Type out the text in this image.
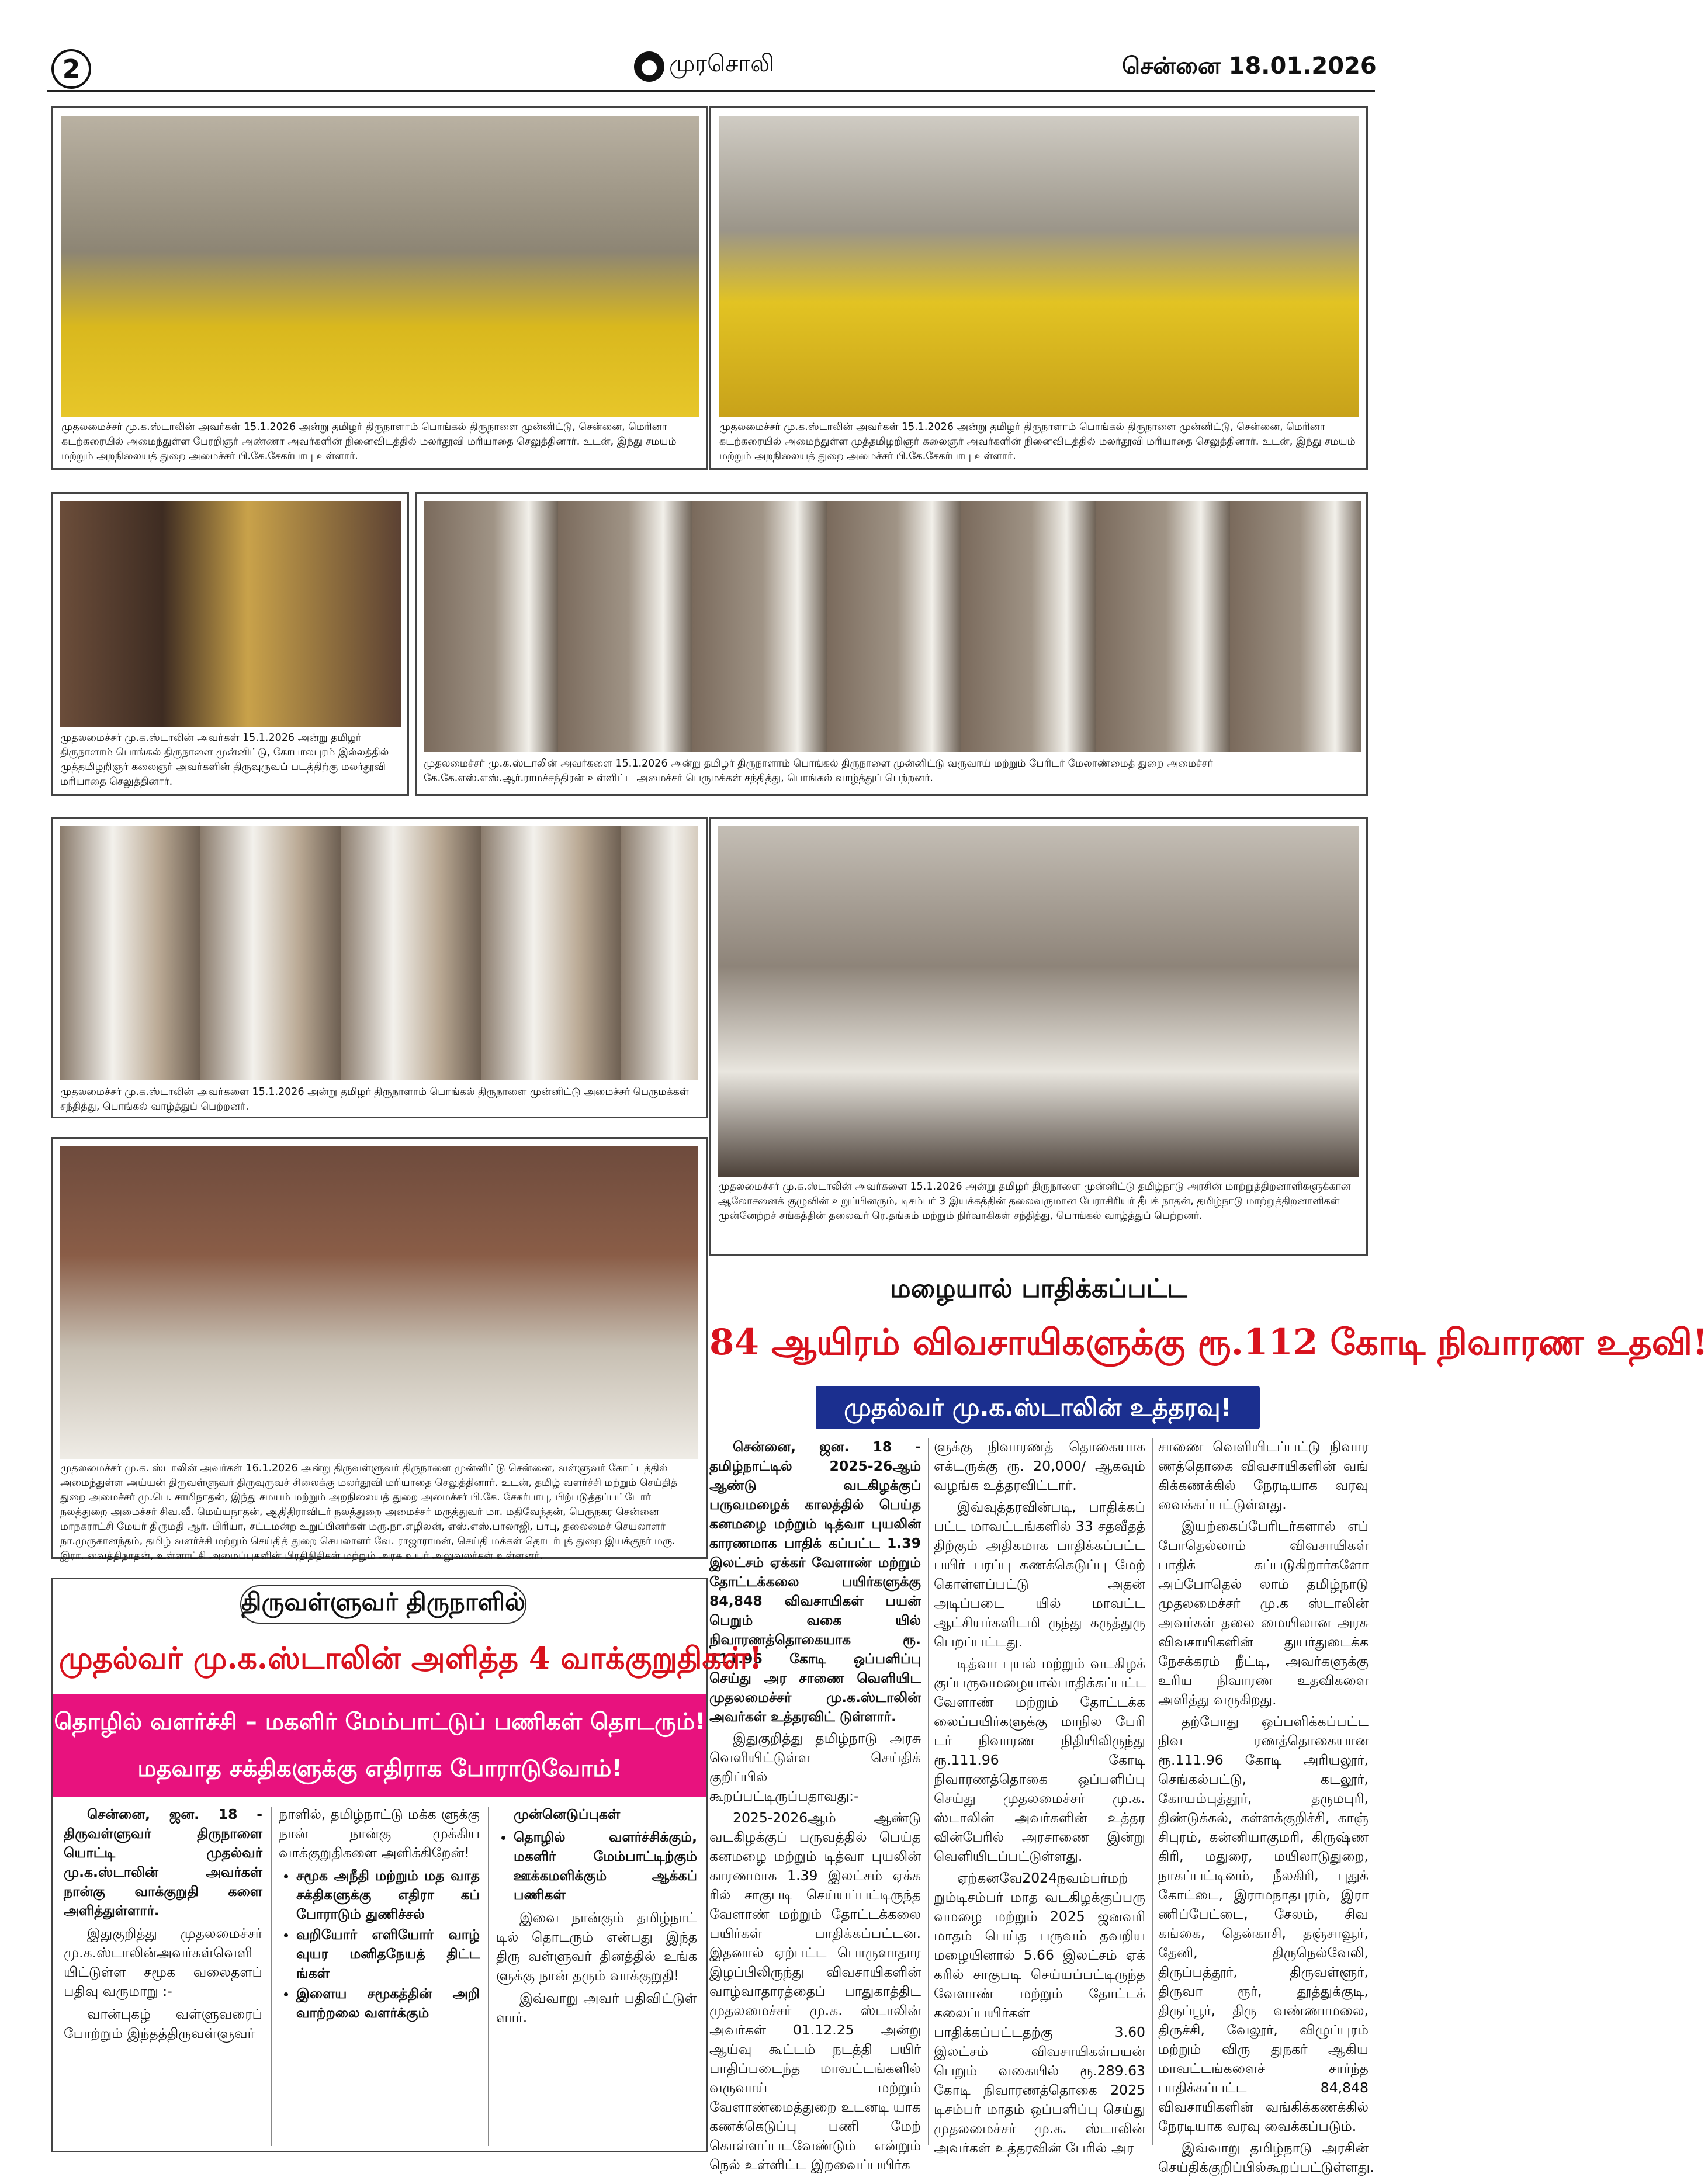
2	● முரசொலி	சென்னை 18.01.2026
முதலமைச்சர் மு.க.ஸ்டாலின் அவர்கள் 15.1.2026 அன்று தமிழர் திருநாளாம் பொங்கல் திருநாளை முன்னிட்டு, சென்னை, மெரினா கடற்கரையில் அமைந்துள்ள பேரறிஞர் அண்ணா அவர்களின் நினைவிடத்தில் மலர்தூவி மரியாதை செலுத்தினார். உடன், இந்து சமயம் மற்றும் அறநிலையத் துறை அமைச்சர் பி.கே.சேகர்பாபு உள்ளார்.
முதலமைச்சர் மு.க.ஸ்டாலின் அவர்கள் 15.1.2026 அன்று தமிழர் திருநாளாம் பொங்கல் திருநாளை முன்னிட்டு, சென்னை, மெரினா கடற்கரையில் அமைந்துள்ள முத்தமிழறிஞர் கலைஞர் அவர்களின் நினைவிடத்தில் மலர்தூவி மரியாதை செலுத்தினார். உடன், இந்து சமயம் மற்றும் அறநிலையத் துறை அமைச்சர் பி.கே.சேகர்பாபு உள்ளார்.
முதலமைச்சர் மு.க.ஸ்டாலின் அவர்கள் 15.1.2026 அன்று தமிழர் திருநாளாம் பொங்கல் திருநாளை முன்னிட்டு, கோபாலபுரம் இல்லத்தில் முத்தமிழறிஞர் கலைஞர் அவர்களின் திருவுருவப் படத்திற்கு மலர்தூவி மரியாதை செலுத்தினார்.
முதலமைச்சர் மு.க.ஸ்டாலின் அவர்களை 15.1.2026 அன்று தமிழர் திருநாளாம் பொங்கல் திருநாளை முன்னிட்டு வருவாய் மற்றும் பேரிடர் மேலாண்மைத் துறை அமைச்சர் கே.கே.எஸ்.எஸ்.ஆர்.ராமச்சந்திரன் உள்ளிட்ட அமைச்சர் பெருமக்கள் சந்தித்து, பொங்கல் வாழ்த்துப் பெற்றனர்.
முதலமைச்சர் மு.க.ஸ்டாலின் அவர்களை 15.1.2026 அன்று தமிழர் திருநாளாம் பொங்கல் திருநாளை முன்னிட்டு அமைச்சர் பெருமக்கள் சந்தித்து, பொங்கல் வாழ்த்துப் பெற்றனர்.
முதலமைச்சர் மு.க.ஸ்டாலின் அவர்களை 15.1.2026 அன்று தமிழர் திருநாளை முன்னிட்டு தமிழ்நாடு அரசின் மாற்றுத்திறனாளிகளுக்கான ஆலோசனைக் குழுவின் உறுப்பினரும், டிசம்பர் 3 இயக்கத்தின் தலைவருமான பேராசிரியர் தீபக் நாதன், தமிழ்நாடு மாற்றுத்திறனாளிகள் முன்னேற்றச் சங்கத்தின் தலைவர் ரெ.தங்கம் மற்றும் நிர்வாகிகள் சந்தித்து, பொங்கல் வாழ்த்துப் பெற்றனர்.
முதலமைச்சர் மு.க. ஸ்டாலின் அவர்கள் 16.1.2026 அன்று திருவள்ளுவர் திருநாளை முன்னிட்டு சென்னை, வள்ளுவர் கோட்டத்தில் அமைந்துள்ள அய்யன் திருவள்ளுவர் திருவுருவச் சிலைக்கு மலர்தூவி மரியாதை செலுத்தினார். உடன், தமிழ் வளர்ச்சி மற்றும் செய்தித் துறை அமைச்சர் மு.பெ. சாமிநாதன், இந்து சமயம் மற்றும் அறநிலையத் துறை அமைச்சர் பி.கே. சேகர்பாபு, பிற்படுத்தப்பட்டோர் நலத்துறை அமைச்சர் சிவ.வீ. மெய்யநாதன், ஆதிதிராவிடர் நலத்துறை அமைச்சர் மருத்துவர் மா. மதிவேந்தன், பெருநகர சென்னை மாநகராட்சி மேயர் திருமதி ஆர். பிரியா, சட்டமன்ற உறுப்பினர்கள் மரு.நா.எழிலன், எஸ்.எஸ்.பாலாஜி, பாபு, தலைமைச் செயலாளர் நா.முருகானந்தம், தமிழ் வளர்ச்சி மற்றும் செய்தித் துறை செயலாளர் வே. ராஜாராமன், செய்தி மக்கள் தொடர்புத் துறை இயக்குநர் மரு. இரா. வைத்திநாதன், உள்ளாட்சி அமைப்புகளின் பிரதிநிதிகள் மற்றும் அரசு உயர் அலுவலர்கள் உள்ளனர்.
மழையால் பாதிக்கப்பட்ட
84 ஆயிரம் விவசாயிகளுக்கு ரூ.112 கோடி நிவாரண உதவி!
முதல்வர் மு.க.ஸ்டாலின் உத்தரவு!

சென்னை, ஜன. 18 - தமிழ்நாட்டில் 2025-26ஆம் ஆண்டு வடகிழக்குப் பருவமழைக் காலத்தில் பெய்த கனமழை மற்றும் டித்வா புயலின் காரணமாக பாதிக் கப்பட்ட 1.39 இலட்சம் ஏக்கர் வேளாண் மற்றும் தோட்டக்கலை பயிர்களுக்கு 84,848 விவசாயிகள் பயன் பெறும் வகை யில் நிவாரணத்தொகையாக ரூ. 111.96 கோடி ஒப்பளிப்பு செய்து அர சாணை வெளியிட முதலமைச்சர் மு.க.ஸ்டாலின் அவர்கள் உத்தரவிட் டுள்ளார்.

இதுகுறித்து தமிழ்நாடு அரசு வெளியிட்டுள்ள செய்திக் குறிப்பில் கூறப்பட்டிருப்பதாவது:-

2025-2026ஆம் ஆண்டு வடகிழக்குப் பருவத்தில் பெய்த கனமழை மற்றும் டித்வா புயலின் காரணமாக 1.39 இலட்சம் ஏக்க ரில் சாகுபடி செய்யப்பட்டிருந்த வேளாண் மற்றும் தோட்டக்கலை பயிர்கள் பாதிக்கப்பட்டன. இதனால் ஏற்பட்ட பொருளாதார இழப்பிலிருந்து விவசாயிகளின் வாழ்வாதாரத்தைப் பாதுகாத்திட முதலமைச்சர் மு.க. ஸ்டாலின் அவர்கள் 01.12.25 அன்று ஆய்வு கூட்டம் நடத்தி பயிர் பாதிப்படைந்த மாவட்டங்களில் வருவாய் மற்றும் வேளாண்மைத்துறை உடனடி யாக கணக்கெடுப்பு பணி மேற் கொள்ளப்படவேண்டும் என்றும் நெல் உள்ளிட்ட இறவைப்பயிர்க

ளுக்கு நிவாரணத் தொகையாக எக்டருக்கு ரூ. 20,000/ ஆகவும் வழங்க உத்தரவிட்டார்.

இவ்வுத்தரவின்படி, பாதிக்கப் பட்ட மாவட்டங்களில் 33 சதவீதத் திற்கும் அதிகமாக பாதிக்கப்பட்ட பயிர் பரப்பு கணக்கெடுப்பு மேற் கொள்ளப்பட்டு அதன் அடிப்படை யில் மாவட்ட ஆட்சியர்களிடமி ருந்து கருத்துரு பெறப்பட்டது.

டித்வா புயல் மற்றும் வடகிழக் குப்பருவமழையால்பாதிக்கப்பட்ட வேளாண் மற்றும் தோட்டக்க லைப்பயிர்களுக்கு மாநில பேரி டர் நிவாரண நிதியிலிருந்து ரூ.111.96 கோடி நிவாரணத்தொகை ஒப்பளிப்பு செய்து முதலமைச்சர் மு.க. ஸ்டாலின் அவர்களின் உத்தர வின்பேரில் அரசாணை இன்று வெளியிடப்பட்டுள்ளது.

ஏற்கனவே2024நவம்பர்மற் றும்டிசம்பர் மாத வடகிழக்குப்பரு வமழை மற்றும் 2025 ஜனவரி மாதம் பெய்த பருவம் தவறிய மழையினால் 5.66 இலட்சம் ஏக் கரில் சாகுபடி செய்யப்பட்டிருந்த வேளாண் மற்றும் தோட்டக் கலைப்பயிர்கள் பாதிக்கப்பட்டதற்கு 3.60 இலட்சம் விவசாயிகள்பயன் பெறும் வகையில் ரூ.289.63 கோடி நிவாரணத்தொகை 2025 டிசம்பர் மாதம் ஒப்பளிப்பு செய்து முதலமைச்சர் மு.க. ஸ்டாலின் அவர்கள் உத்தரவின் பேரில் அர

சாணை வெளியிடப்பட்டு நிவார ணத்தொகை விவசாயிகளின் வங் கிக்கணக்கில் நேரடியாக வரவு வைக்கப்பட்டுள்ளது.

இயற்கைப்பேரிடர்களால் எப் போதெல்லாம் விவசாயிகள் பாதிக் கப்படுகிறார்களோ அப்போதெல் லாம் தமிழ்நாடு முதலமைச்சர் மு.க ஸ்டாலின் அவர்கள் தலை மையிலான அரசு விவசாயிகளின் துயர்துடைக்க நேசக்கரம் நீட்டி, அவர்களுக்கு உரிய நிவாரண உதவிகளை அளித்து வருகிறது.

தற்போது ஒப்பளிக்கப்பட்ட நிவ ரணத்தொகையான ரூ.111.96 கோடி அரியலூர், செங்கல்பட்டு, கடலூர், கோயம்புத்தூர், தருமபுரி, திண்டுக்கல், கள்ளக்குறிச்சி, காஞ் சிபுரம், கன்னியாகுமரி, கிருஷ்ண கிரி, மதுரை, மயிலாடுதுறை, நாகப்பட்டினம், நீலகிரி, புதுக் கோட்டை, இராமநாதபுரம், இரா ணிப்பேட்டை, சேலம், சிவ கங்கை, தென்காசி, தஞ்சாவூர், தேனி, திருநெல்வேலி, திருப்பத்தூர், திருவள்ளூர், திருவா ரூர், தூத்துக்குடி, திருப்பூர், திரு வண்ணாமலை, திருச்சி, வேலூர், விழுப்புரம் மற்றும் விரு துநகர் ஆகிய மாவட்டங்களைச் சார்ந்த பாதிக்கப்பட்ட 84,848 விவசாயிகளின் வங்கிக்கணக்கில் நேரடியாக வரவு வைக்கப்படும்.

இவ்வாறு தமிழ்நாடு அரசின் செய்திக்குறிப்பில்கூறப்பட்டுள்ளது.

திருவள்ளுவர் திருநாளில்
முதல்வர் மு.க.ஸ்டாலின் அளித்த 4 வாக்குறுதிகள்!
தொழில் வளர்ச்சி – மகளிர் மேம்பாட்டுப் பணிகள் தொடரும்!
மதவாத சக்திகளுக்கு எதிராக போராடுவோம்!

சென்னை, ஜன. 18 - திருவள்ளுவர் திருநாளை யொட்டி முதல்வர் மு.க.ஸ்டாலின் அவர்கள் நான்கு வாக்குறுதி களை அளித்துள்ளார்.

இதுகுறித்து முதலமைச்சர் மு.க.ஸ்டாலின்அவர்கள்வெளி யிட்டுள்ள சமூக வலைதளப் பதிவு வருமாறு :-

வான்புகழ் வள்ளுவரைப் போற்றும் இந்தத்திருவள்ளுவர்

நாளில், தமிழ்நாட்டு மக்க ளுக்கு நான் நான்கு முக்கிய வாக்குறுதிகளை அளிக்கிறேன்!

• சமூக அநீதி மற்றும் மத வாத சக்திகளுக்கு எதிரா கப் போராடும் துணிச்சல்
• வறியோர் எளியோர் வாழ் வுயர மனிதநேயத் திட்ட ங்கள்
• இளைய சமூகத்தின் அறி வாற்றலை வளர்க்கும்

முன்னெடுப்புகள்

• தொழில் வளர்ச்சிக்கும், மகளிர் மேம்பாட்டிற்கும் ஊக்கமளிக்கும் ஆக்கப் பணிகள்

இவை நான்கும் தமிழ்நாட் டில் தொடரும் என்பது இந்த திரு வள்ளுவர் தினத்தில் உங்க ளுக்கு நான் தரும் வாக்குறுதி!

இவ்வாறு அவர் பதிவிட்டுள் ளார்.
